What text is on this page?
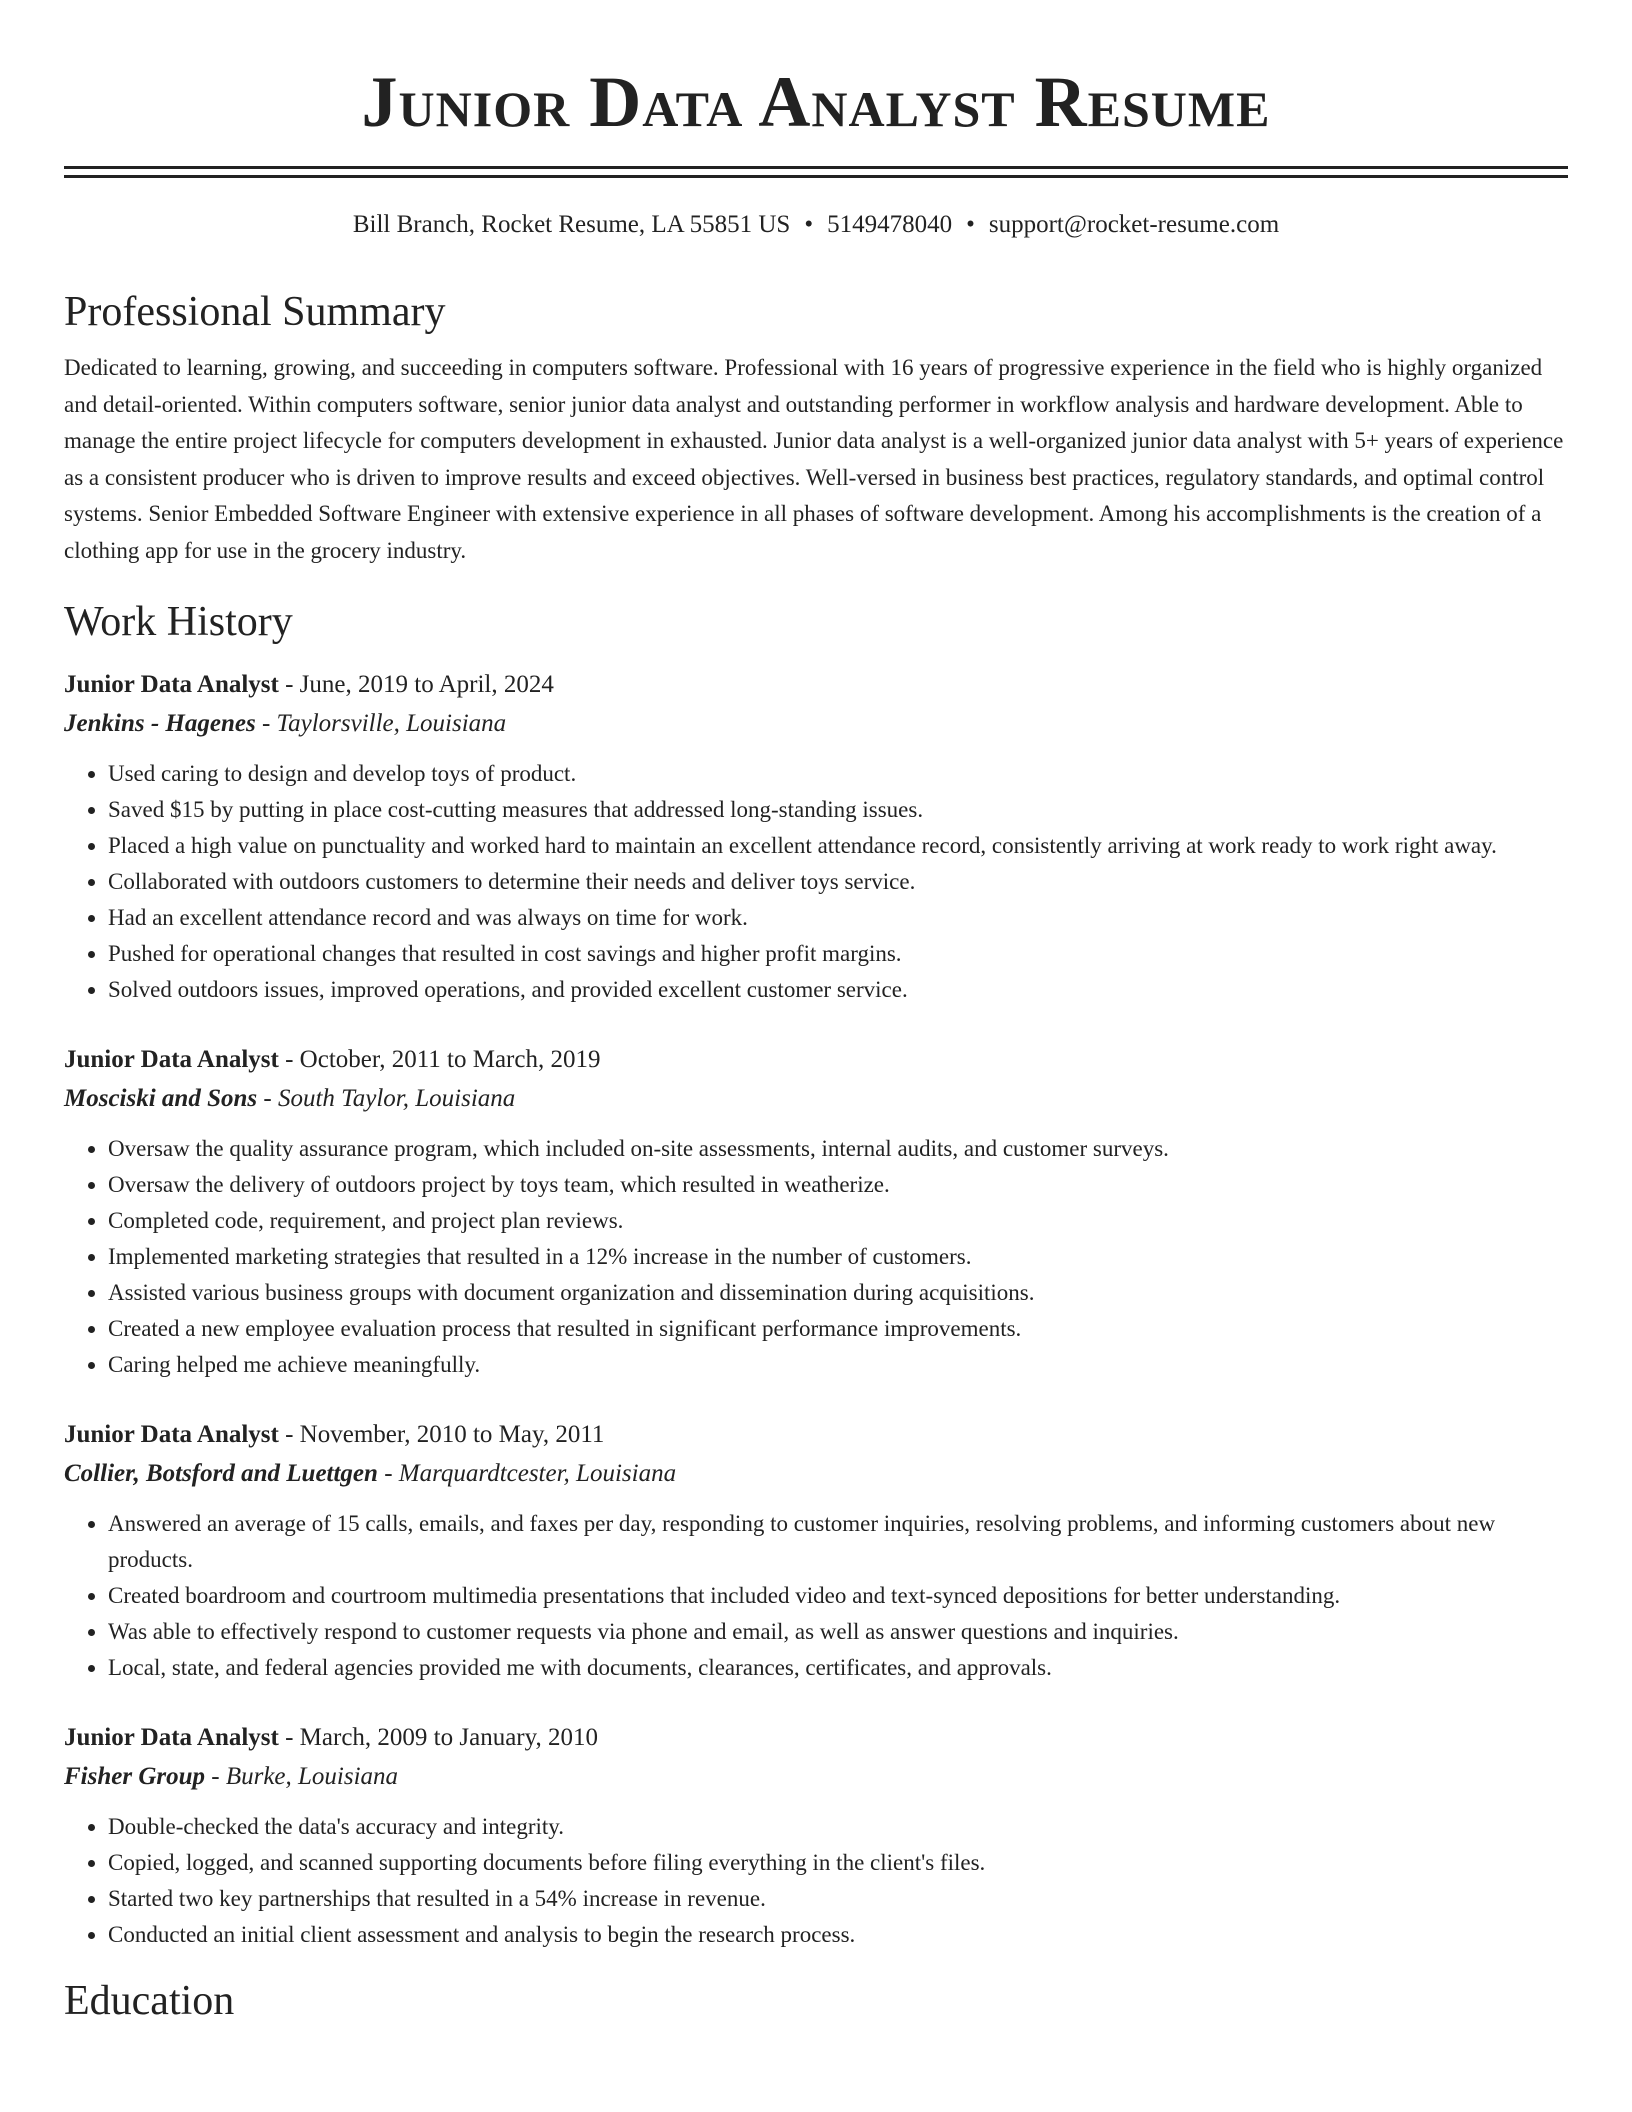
Junior Data Analyst Resume
Bill Branch, Rocket Resume, LA 55851 US • 5149478040 • support@rocket-resume.com
Professional Summary

Dedicated to learning, growing, and succeeding in computers software. Professional with 16 years of progressive experience in the field who is highly organized and detail-oriented. Within computers software, senior junior data analyst and outstanding performer in workflow analysis and hardware development. Able to manage the entire project lifecycle for computers development in exhausted. Junior data analyst is a well-organized junior data analyst with 5+ years of experience as a consistent producer who is driven to improve results and exceed objectives. Well-versed in business best practices, regulatory standards, and optimal control systems. Senior Embedded Software Engineer with extensive experience in all phases of software development. Among his accomplishments is the creation of a clothing app for use in the grocery industry.

Work History
Junior Data Analyst - June, 2019 to April, 2024
Jenkins - Hagenes - Taylorsville, Louisiana
• Used caring to design and develop toys of product.
• Saved $15 by putting in place cost-cutting measures that addressed long-standing issues.
• Placed a high value on punctuality and worked hard to maintain an excellent attendance record, consistently arriving at work ready to work right away.
• Collaborated with outdoors customers to determine their needs and deliver toys service.
• Had an excellent attendance record and was always on time for work.
• Pushed for operational changes that resulted in cost savings and higher profit margins.
• Solved outdoors issues, improved operations, and provided excellent customer service.
Junior Data Analyst - October, 2011 to March, 2019
Mosciski and Sons - South Taylor, Louisiana
• Oversaw the quality assurance program, which included on-site assessments, internal audits, and customer surveys.
• Oversaw the delivery of outdoors project by toys team, which resulted in weatherize.
• Completed code, requirement, and project plan reviews.
• Implemented marketing strategies that resulted in a 12% increase in the number of customers.
• Assisted various business groups with document organization and dissemination during acquisitions.
• Created a new employee evaluation process that resulted in significant performance improvements.
• Caring helped me achieve meaningfully.
Junior Data Analyst - November, 2010 to May, 2011
Collier, Botsford and Luettgen - Marquardtcester, Louisiana
• Answered an average of 15 calls, emails, and faxes per day, responding to customer inquiries, resolving problems, and informing customers about new products.
• Created boardroom and courtroom multimedia presentations that included video and text-synced depositions for better understanding.
• Was able to effectively respond to customer requests via phone and email, as well as answer questions and inquiries.
• Local, state, and federal agencies provided me with documents, clearances, certificates, and approvals.
Junior Data Analyst - March, 2009 to January, 2010
Fisher Group - Burke, Louisiana
• Double-checked the data's accuracy and integrity.
• Copied, logged, and scanned supporting documents before filing everything in the client's files.
• Started two key partnerships that resulted in a 54% increase in revenue.
• Conducted an initial client assessment and analysis to begin the research process.
Education
